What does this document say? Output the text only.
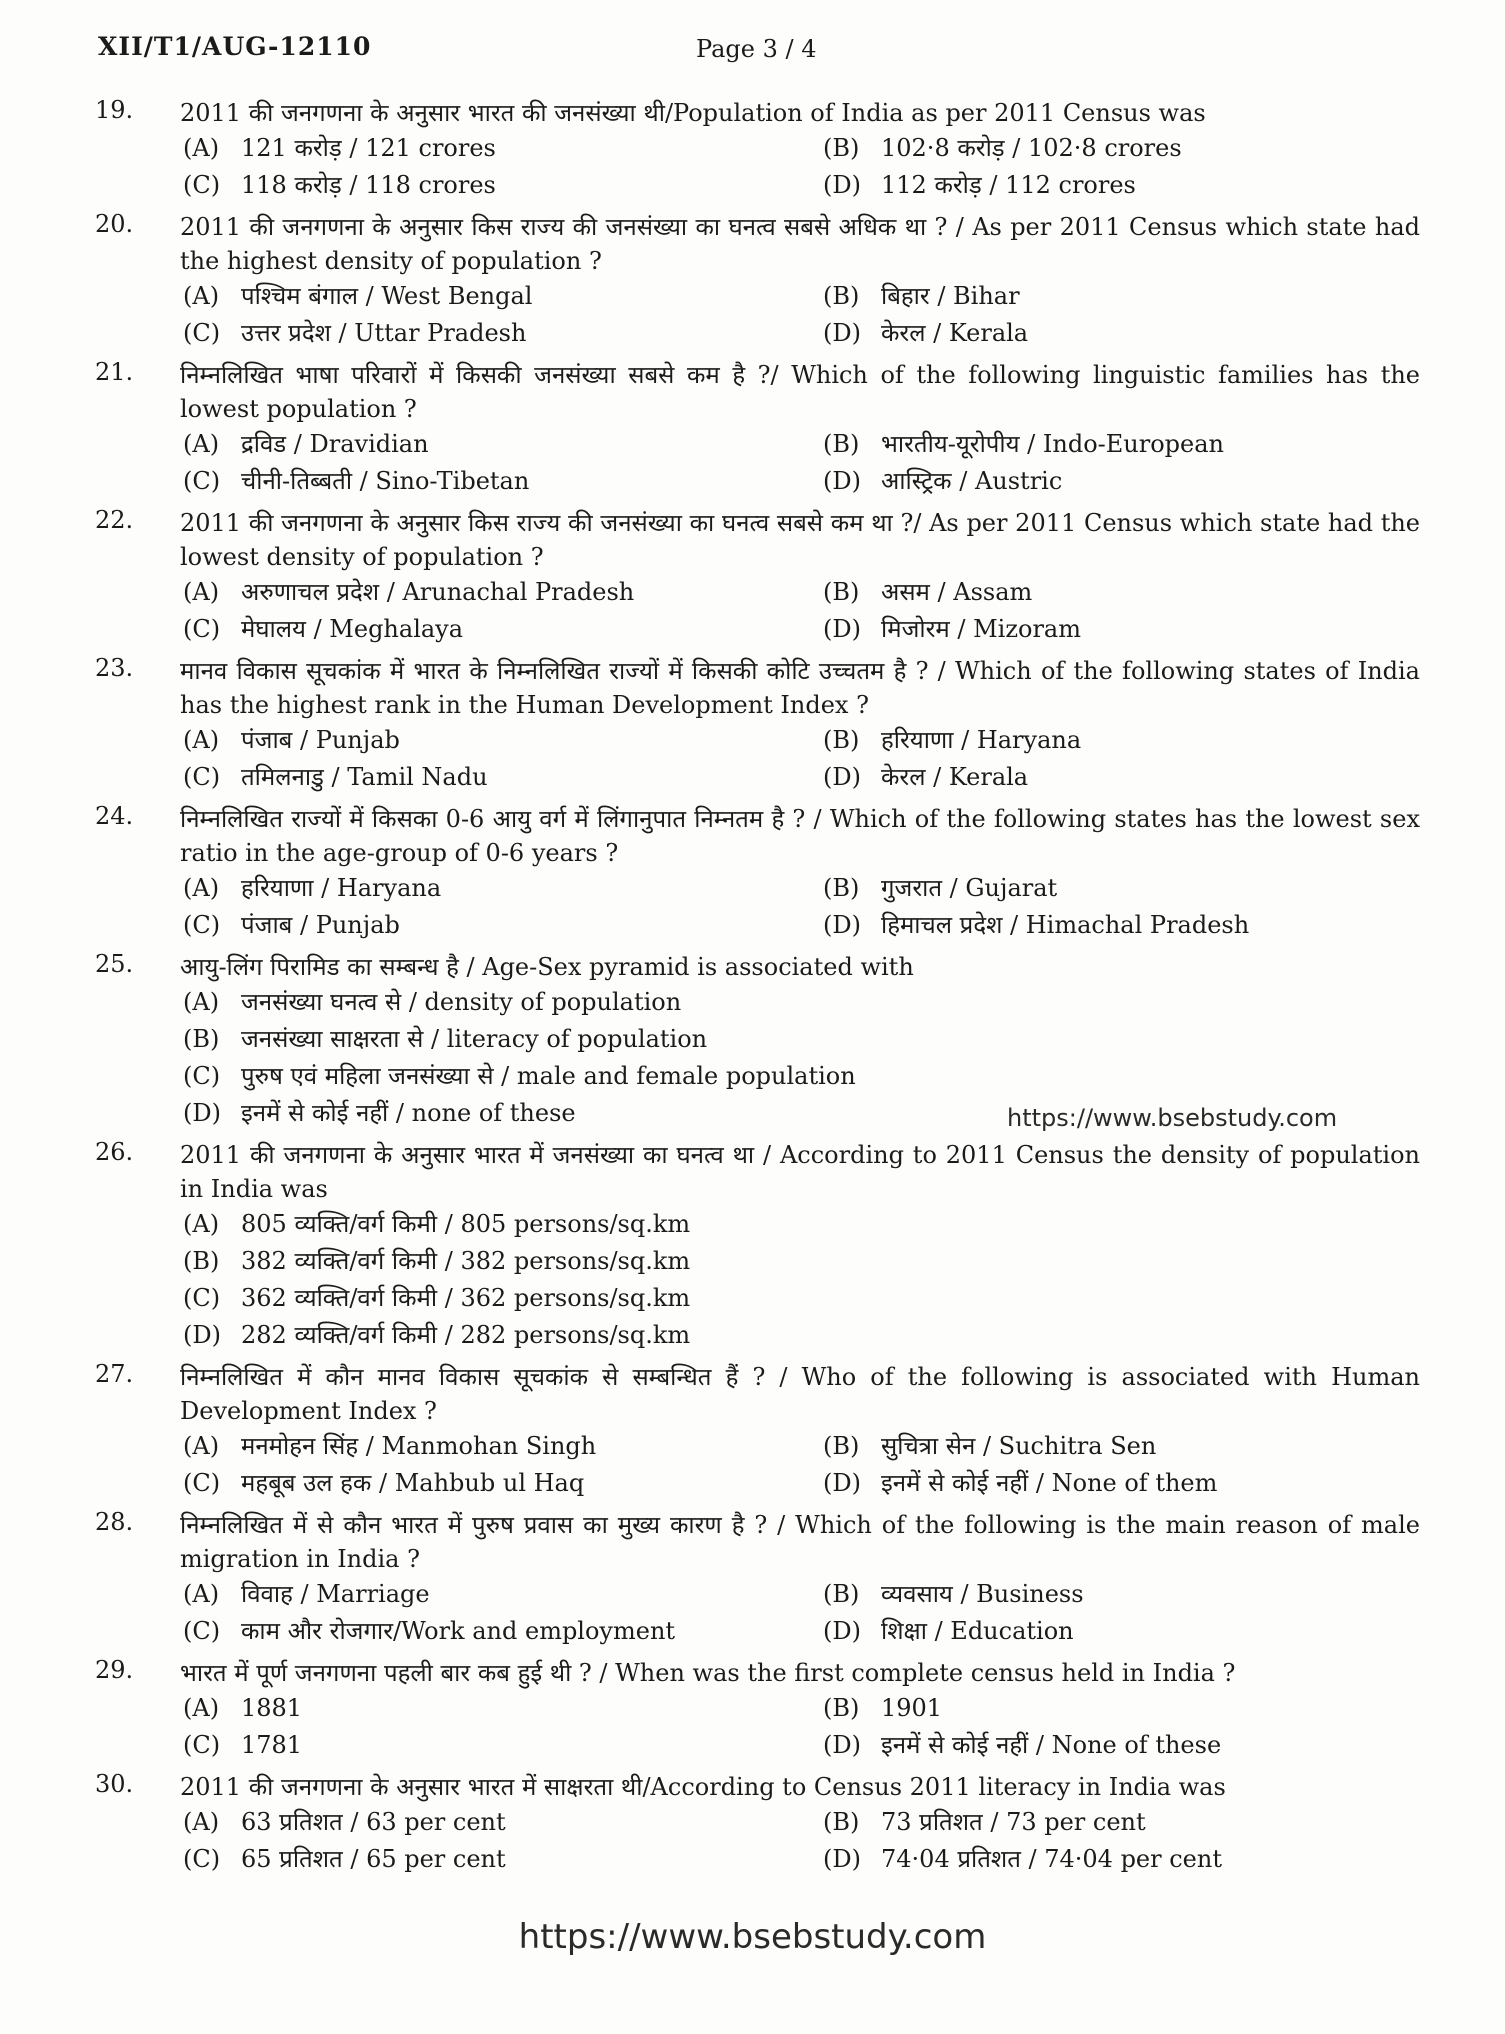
XII/T1/AUG-12110	Page 3 / 4
19.	2011 की जनगणना के अनुसार भारत की जनसंख्या थी/Population of India as per 2011 Census was
(A) 121 करोड़ / 121 crores	(B) 102·8 करोड़ / 102·8 crores
(C) 118 करोड़ / 118 crores	(D) 112 करोड़ / 112 crores
20.	2011 की जनगणना के अनुसार किस राज्य की जनसंख्या का घनत्व सबसे अधिक था ? / As per 2011 Census which state had the highest density of population ?
(A) पश्चिम बंगाल / West Bengal	(B) बिहार / Bihar
(C) उत्तर प्रदेश / Uttar Pradesh	(D) केरल / Kerala
21.	निम्नलिखित भाषा परिवारों में किसकी जनसंख्या सबसे कम है ?/ Which of the following linguistic families has the lowest population ?
(A) द्रविड / Dravidian	(B) भारतीय-यूरोपीय / Indo-European
(C) चीनी-तिब्बती / Sino-Tibetan	(D) आस्ट्रिक / Austric
22.	2011 की जनगणना के अनुसार किस राज्य की जनसंख्या का घनत्व सबसे कम था ?/ As per 2011 Census which state had the lowest density of population ?
(A) अरुणाचल प्रदेश / Arunachal Pradesh	(B) असम / Assam
(C) मेघालय / Meghalaya	(D) मिजोरम / Mizoram
23.	मानव विकास सूचकांक में भारत के निम्नलिखित राज्यों में किसकी कोटि उच्चतम है ? / Which of the following states of India has the highest rank in the Human Development Index ?
(A) पंजाब / Punjab	(B) हरियाणा / Haryana
(C) तमिलनाडु / Tamil Nadu	(D) केरल / Kerala
24.	निम्नलिखित राज्यों में किसका 0-6 आयु वर्ग में लिंगानुपात निम्नतम है ? / Which of the following states has the lowest sex ratio in the age-group of 0-6 years ?
(A) हरियाणा / Haryana	(B) गुजरात / Gujarat
(C) पंजाब / Punjab	(D) हिमाचल प्रदेश / Himachal Pradesh
25.	आयु-लिंग पिरामिड का सम्बन्ध है / Age-Sex pyramid is associated with
(A) जनसंख्या घनत्व से / density of population
(B) जनसंख्या साक्षरता से / literacy of population
(C) पुरुष एवं महिला जनसंख्या से / male and female population
(D) इनमें से कोई नहीं / none of these
26.	2011 की जनगणना के अनुसार भारत में जनसंख्या का घनत्व था / According to 2011 Census the density of population in India was
(A) 805 व्यक्ति/वर्ग किमी / 805 persons/sq.km
(B) 382 व्यक्ति/वर्ग किमी / 382 persons/sq.km
(C) 362 व्यक्ति/वर्ग किमी / 362 persons/sq.km
(D) 282 व्यक्ति/वर्ग किमी / 282 persons/sq.km
27.	निम्नलिखित में कौन मानव विकास सूचकांक से सम्बन्धित हैं ? / Who of the following is associated with Human Development Index ?
(A) मनमोहन सिंह / Manmohan Singh	(B) सुचित्रा सेन / Suchitra Sen
(C) महबूब उल हक / Mahbub ul Haq	(D) इनमें से कोई नहीं / None of them
28.	निम्नलिखित में से कौन भारत में पुरुष प्रवास का मुख्य कारण है ? / Which of the following is the main reason of male migration in India ?
(A) विवाह / Marriage	(B) व्यवसाय / Business
(C) काम और रोजगार/Work and employment	(D) शिक्षा / Education
29.	भारत में पूर्ण जनगणना पहली बार कब हुई थी ? / When was the first complete census held in India ?
(A) 1881	(B) 1901
(C) 1781	(D) इनमें से कोई नहीं / None of these
30.	2011 की जनगणना के अनुसार भारत में साक्षरता थी/According to Census 2011 literacy in India was
(A) 63 प्रतिशत / 63 per cent	(B) 73 प्रतिशत / 73 per cent
(C) 65 प्रतिशत / 65 per cent	(D) 74·04 प्रतिशत / 74·04 per cent
https://www.bsebstudy.com
https://www.bsebstudy.com
